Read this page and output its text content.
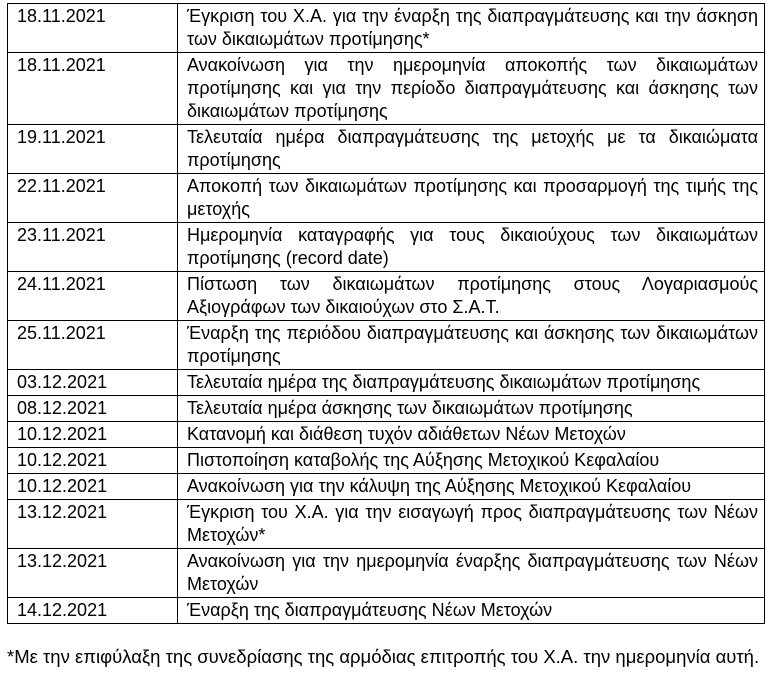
18.11.2021	Έγκριση του Χ.Α. για την έναρξη της διαπραγμάτευσης και την άσκηση των δικαιωμάτων προτίμησης*
18.11.2021	Ανακοίνωση για την ημερομηνία αποκοπής των δικαιωμάτων προτίμησης και για την περίοδο διαπραγμάτευσης και άσκησης των δικαιωμάτων προτίμησης
19.11.2021	Τελευταία ημέρα διαπραγμάτευσης της μετοχής με τα δικαιώματα προτίμησης
22.11.2021	Αποκοπή των δικαιωμάτων προτίμησης και προσαρμογή της τιμής της μετοχής
23.11.2021	Ημερομηνία καταγραφής για τους δικαιούχους των δικαιωμάτων προτίμησης (record date)
24.11.2021	Πίστωση των δικαιωμάτων προτίμησης στους Λογαριασμούς Αξιογράφων των δικαιούχων στο Σ.Α.Τ.
25.11.2021	Έναρξη της περιόδου διαπραγμάτευσης και άσκησης των δικαιωμάτων προτίμησης
03.12.2021	Τελευταία ημέρα της διαπραγμάτευσης δικαιωμάτων προτίμησης
08.12.2021	Τελευταία ημέρα άσκησης των δικαιωμάτων προτίμησης
10.12.2021	Κατανομή και διάθεση τυχόν αδιάθετων Νέων Μετοχών
10.12.2021	Πιστοποίηση καταβολής της Αύξησης Μετοχικού Κεφαλαίου
10.12.2021	Ανακοίνωση για την κάλυψη της Αύξησης Μετοχικού Κεφαλαίου
13.12.2021	Έγκριση του Χ.Α. για την εισαγωγή προς διαπραγμάτευσης των Νέων Μετοχών*
13.12.2021	Ανακοίνωση για την ημερομηνία έναρξης διαπραγμάτευσης των Νέων Μετοχών
14.12.2021	Έναρξη της διαπραγμάτευσης Νέων Μετοχών

*Με την επιφύλαξη της συνεδρίασης της αρμόδιας επιτροπής του Χ.Α. την ημερομηνία αυτή.
